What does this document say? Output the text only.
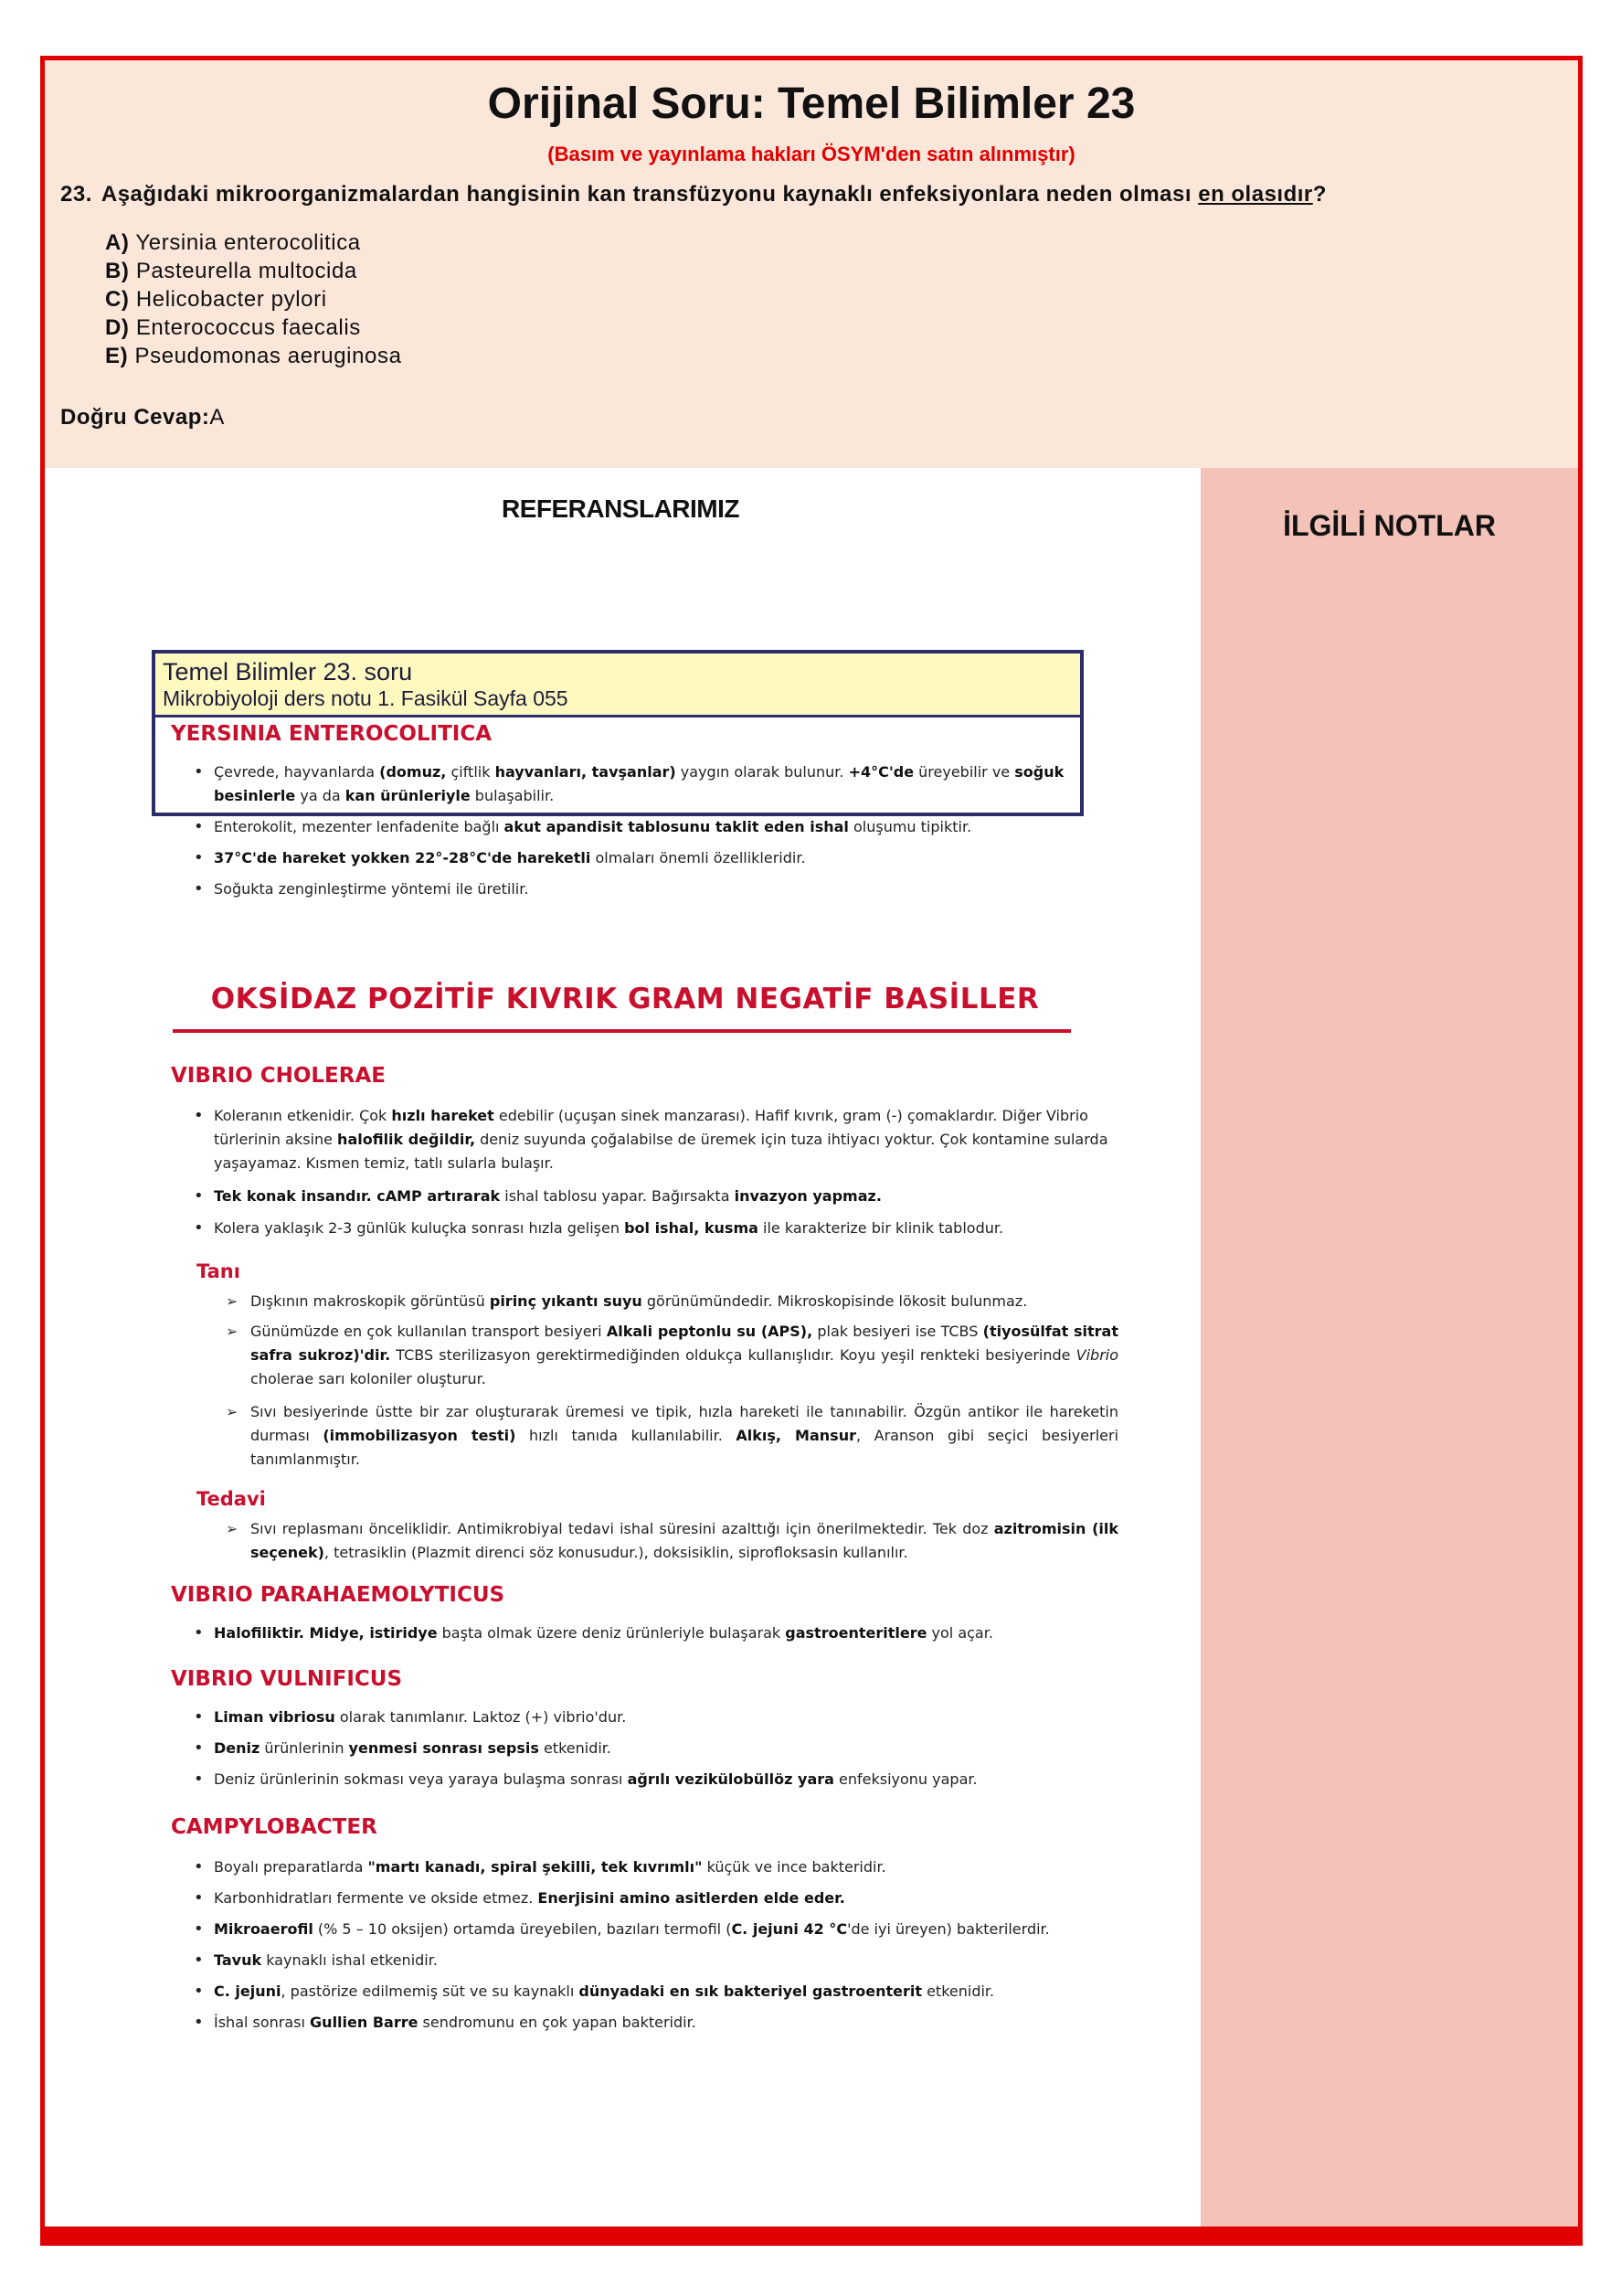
Orijinal Soru: Temel Bilimler 23
(Basım ve yayınlama hakları ÖSYM'den satın alınmıştır)
23. Aşağıdaki mikroorganizmalardan hangisinin kan transfüzyonu kaynaklı enfeksiyonlara neden olması en olasıdır?
A) Yersinia enterocolitica
B) Pasteurella multocida
C) Helicobacter pylori
D) Enterococcus faecalis
E) Pseudomonas aeruginosa
Doğru Cevap:A
REFERANSLARIMIZ
İLGİLİ NOTLAR
Temel Bilimler 23. soru
Mikrobiyoloji ders notu 1. Fasikül Sayfa 055
YERSINIA ENTEROCOLITICA
• Çevrede, hayvanlarda (domuz, çiftlik hayvanları, tavşanlar) yaygın olarak bulunur. +4°C'de üreyebilir ve soğuk besinlerle ya da kan ürünleriyle bulaşabilir.
• Enterokolit, mezenter lenfadenite bağlı akut apandisit tablosunu taklit eden ishal oluşumu tipiktir.
• 37°C'de hareket yokken 22°-28°C'de hareketli olmaları önemli özellikleridir.
• Soğukta zenginleştirme yöntemi ile üretilir.
OKSİDAZ POZİTİF KIVRIK GRAM NEGATİF BASİLLER
VIBRIO CHOLERAE
• Koleranın etkenidir. Çok hızlı hareket edebilir (uçuşan sinek manzarası). Hafif kıvrık, gram (-) çomaklardır. Diğer Vibrio türlerinin aksine halofilik değildir, deniz suyunda çoğalabilse de üremek için tuza ihtiyacı yoktur. Çok kontamine sularda yaşayamaz. Kısmen temiz, tatlı sularla bulaşır.
• Tek konak insandır. cAMP artırarak ishal tablosu yapar. Bağırsakta invazyon yapmaz.
• Kolera yaklaşık 2-3 günlük kuluçka sonrası hızla gelişen bol ishal, kusma ile karakterize bir klinik tablodur.
Tanı
➢ Dışkının makroskopik görüntüsü pirinç yıkantı suyu görünümündedir. Mikroskopisinde lökosit bulunmaz.
➢ Günümüzde en çok kullanılan transport besiyeri Alkali peptonlu su (APS), plak besiyeri ise TCBS (tiyosülfat sitrat safra sukroz)'dir. TCBS sterilizasyon gerektirmediğinden oldukça kullanışlıdır. Koyu yeşil renkteki besiyerinde Vibrio cholerae sarı koloniler oluşturur.
➢ Sıvı besiyerinde üstte bir zar oluşturarak üremesi ve tipik, hızla hareketi ile tanınabilir. Özgün antikor ile hareketin durması (immobilizasyon testi) hızlı tanıda kullanılabilir. Alkış, Mansur, Aranson gibi seçici besiyerleri tanımlanmıştır.
Tedavi
➢ Sıvı replasmanı önceliklidir. Antimikrobiyal tedavi ishal süresini azalttığı için önerilmektedir. Tek doz azitromisin (ilk seçenek), tetrasiklin (Plazmit direnci söz konusudur.), doksisiklin, siprofloksasin kullanılır.
VIBRIO PARAHAEMOLYTICUS
• Halofiliktir. Midye, istiridye başta olmak üzere deniz ürünleriyle bulaşarak gastroenteritlere yol açar.
VIBRIO VULNIFICUS
• Liman vibriosu olarak tanımlanır. Laktoz (+) vibrio'dur.
• Deniz ürünlerinin yenmesi sonrası sepsis etkenidir.
• Deniz ürünlerinin sokması veya yaraya bulaşma sonrası ağrılı vezikülobüllöz yara enfeksiyonu yapar.
CAMPYLOBACTER
• Boyalı preparatlarda "martı kanadı, spiral şekilli, tek kıvrımlı" küçük ve ince bakteridir.
• Karbonhidratları fermente ve okside etmez. Enerjisini amino asitlerden elde eder.
• Mikroaerofil (% 5 – 10 oksijen) ortamda üreyebilen, bazıları termofil (C. jejuni 42 °C'de iyi üreyen) bakterilerdir.
• Tavuk kaynaklı ishal etkenidir.
• C. jejuni, pastörize edilmemiş süt ve su kaynaklı dünyadaki en sık bakteriyel gastroenterit etkenidir.
• İshal sonrası Gullien Barre sendromunu en çok yapan bakteridir.
